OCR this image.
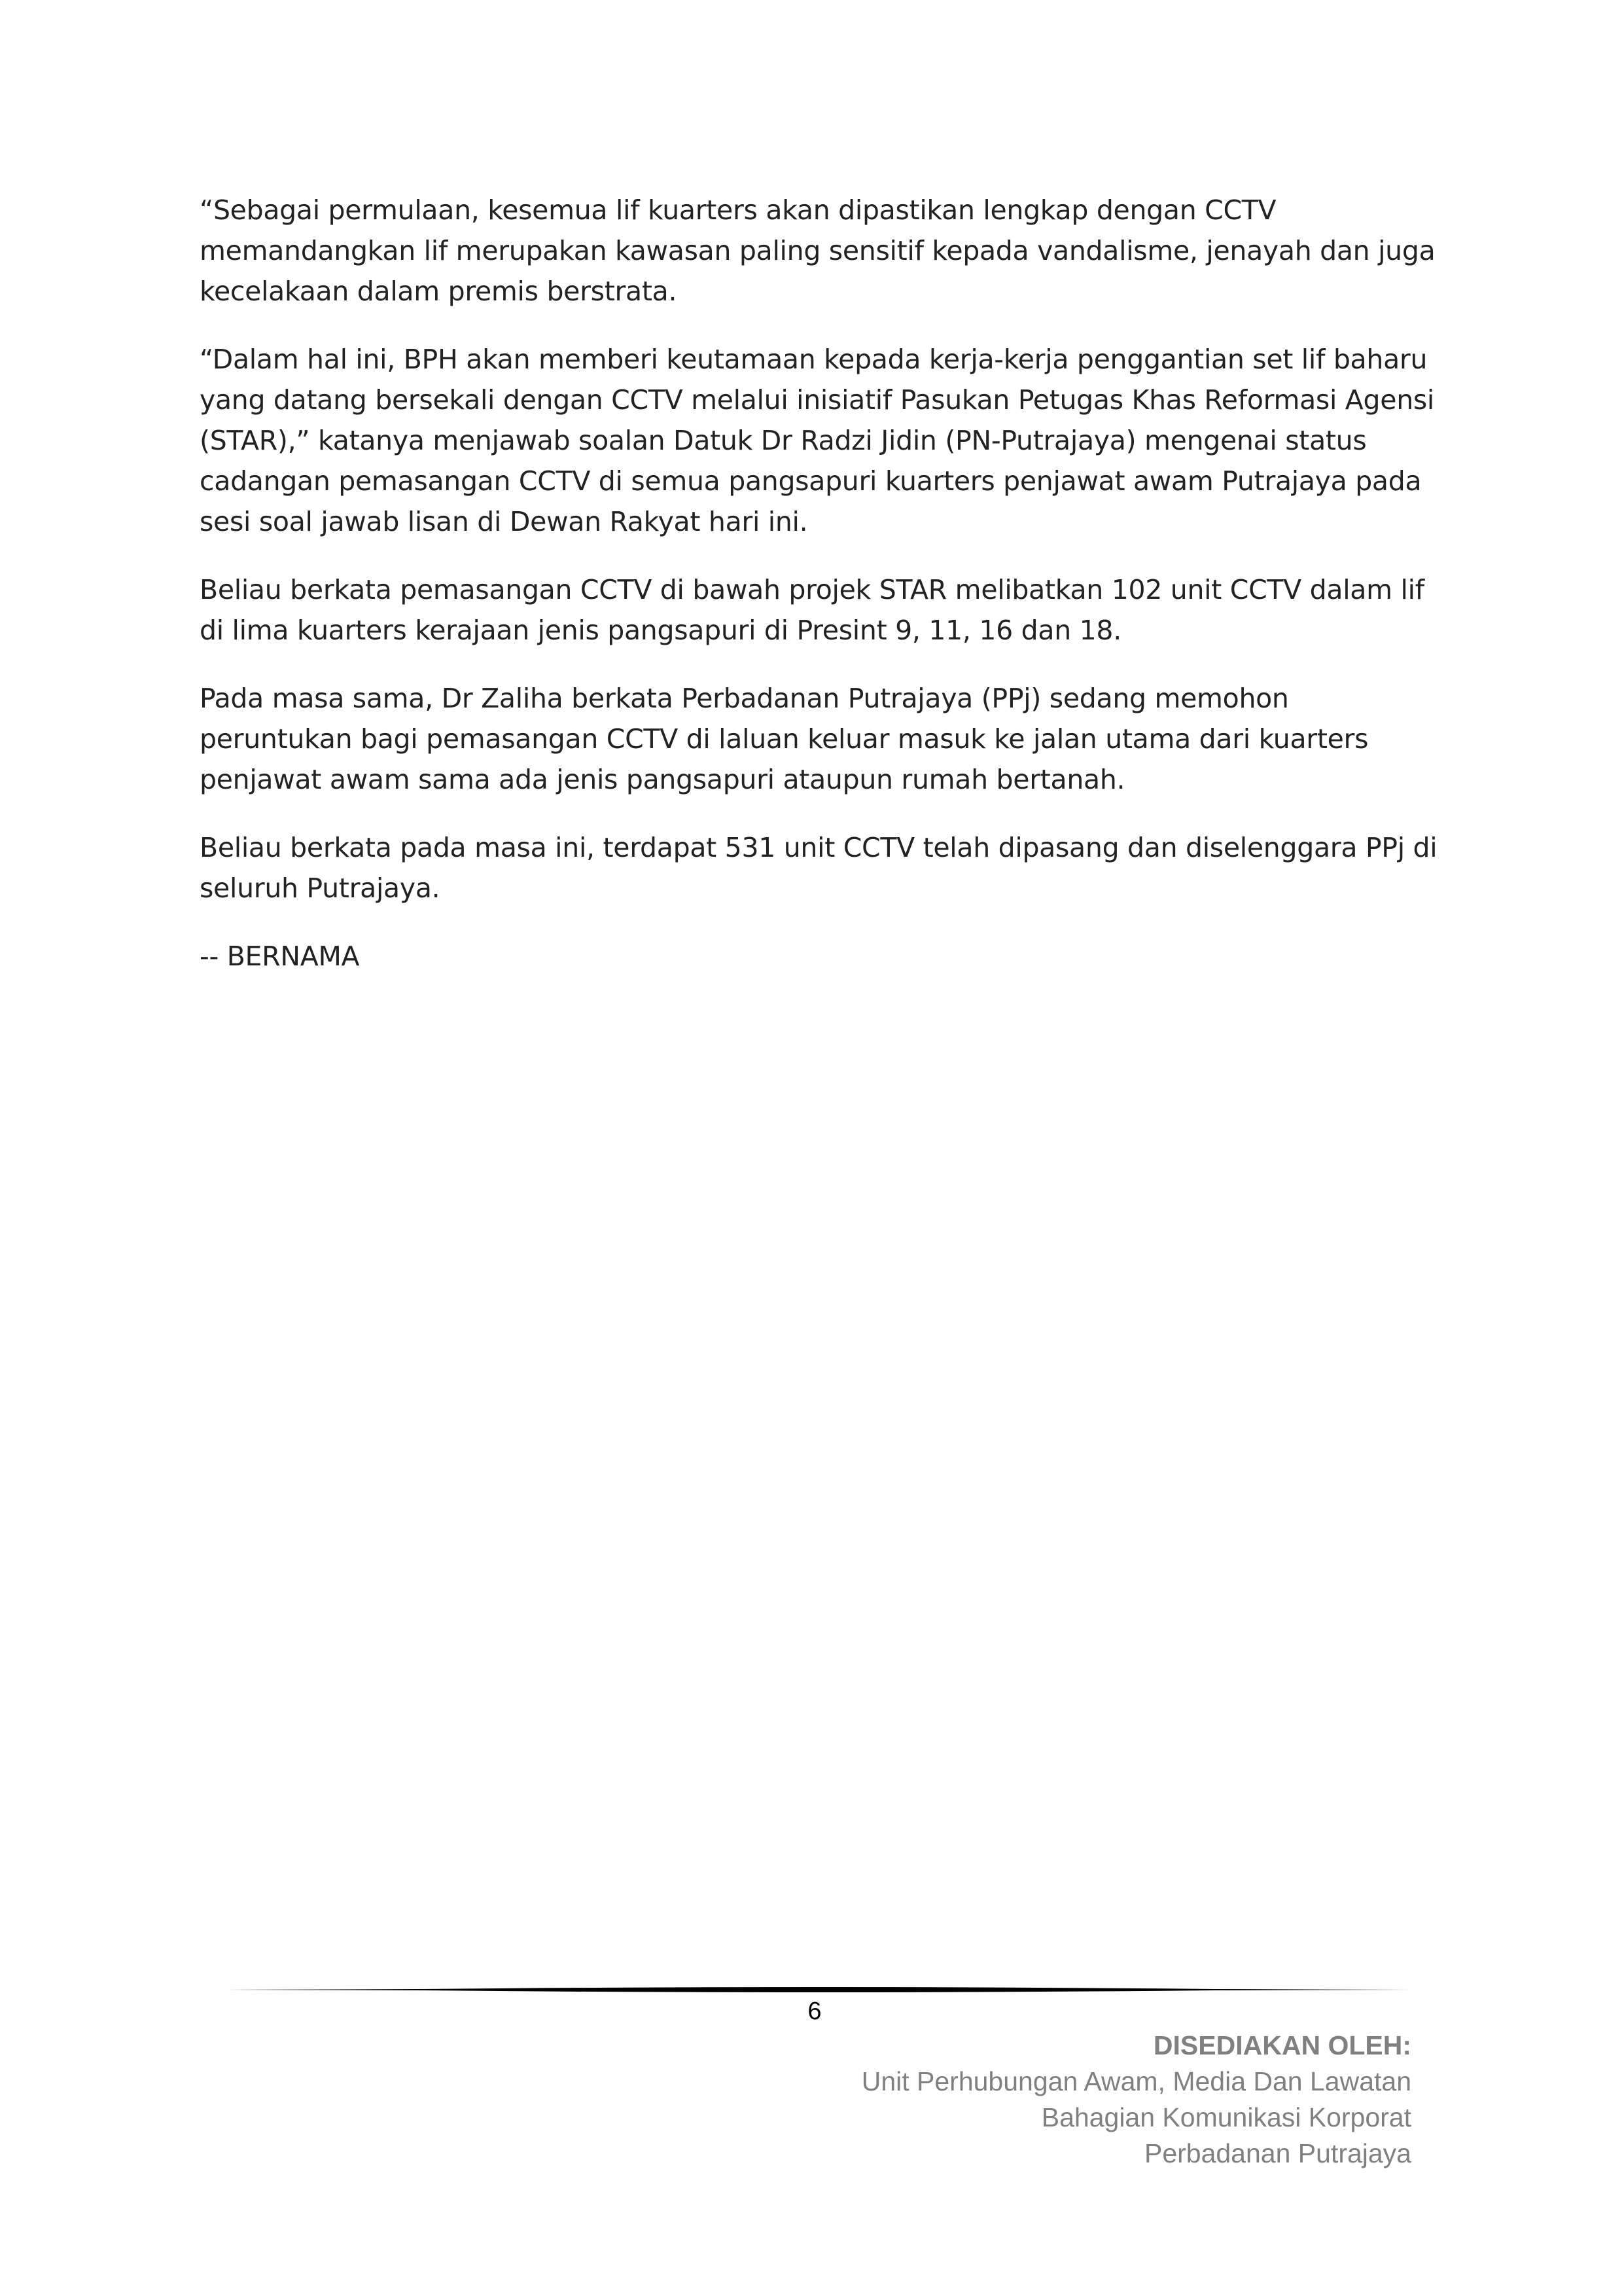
“Sebagai permulaan, kesemua lif kuarters akan dipastikan lengkap dengan CCTV memandangkan lif merupakan kawasan paling sensitif kepada vandalisme, jenayah dan juga kecelakaan dalam premis berstrata.

“Dalam hal ini, BPH akan memberi keutamaan kepada kerja-kerja penggantian set lif baharu yang datang bersekali dengan CCTV melalui inisiatif Pasukan Petugas Khas Reformasi Agensi (STAR),” katanya menjawab soalan Datuk Dr Radzi Jidin (PN-Putrajaya) mengenai status cadangan pemasangan CCTV di semua pangsapuri kuarters penjawat awam Putrajaya pada sesi soal jawab lisan di Dewan Rakyat hari ini.

Beliau berkata pemasangan CCTV di bawah projek STAR melibatkan 102 unit CCTV dalam lif di lima kuarters kerajaan jenis pangsapuri di Presint 9, 11, 16 dan 18.

Pada masa sama, Dr Zaliha berkata Perbadanan Putrajaya (PPj) sedang memohon peruntukan bagi pemasangan CCTV di laluan keluar masuk ke jalan utama dari kuarters penjawat awam sama ada jenis pangsapuri ataupun rumah bertanah.

Beliau berkata pada masa ini, terdapat 531 unit CCTV telah dipasang dan diselenggara PPj di seluruh Putrajaya.

-- BERNAMA

6
DISEDIAKAN OLEH:
Unit Perhubungan Awam, Media Dan Lawatan
Bahagian Komunikasi Korporat
Perbadanan Putrajaya
